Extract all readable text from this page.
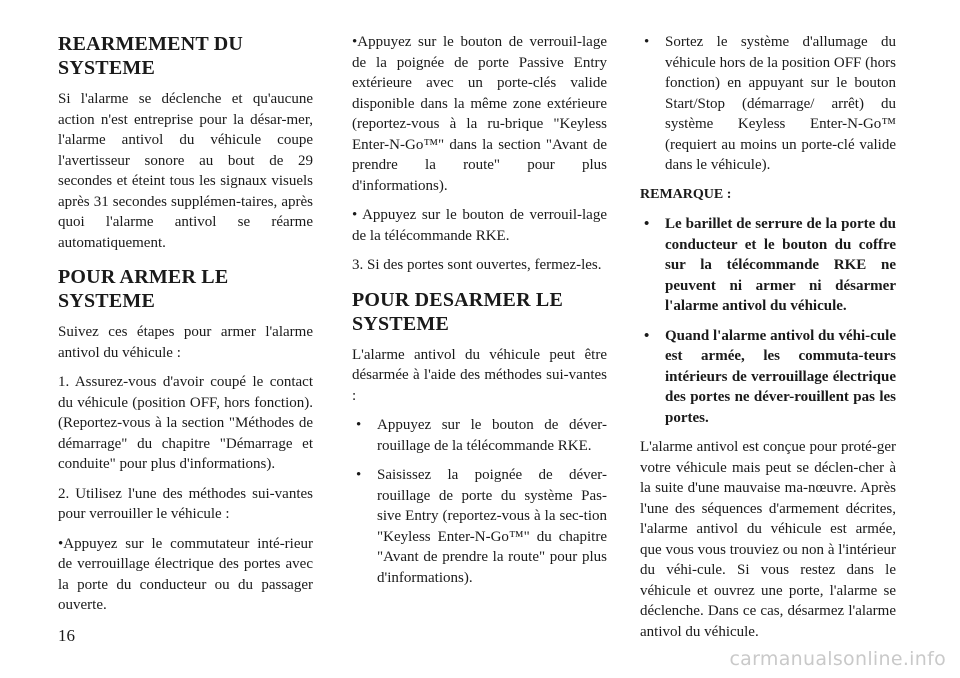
REARMEMENT DU SYSTEME

Si l'alarme se déclenche et qu'aucune action n'est entreprise pour la désar-mer, l'alarme antivol du véhicule coupe l'avertisseur sonore au bout de 29 secondes et éteint tous les signaux visuels après 31 secondes supplémen-taires, après quoi l'alarme antivol se réarme automatiquement.

POUR ARMER LE SYSTEME

Suivez ces étapes pour armer l'alarme antivol du véhicule :

1. Assurez-vous d'avoir coupé le contact du véhicule (position OFF, hors fonction). (Reportez-vous à la section "Méthodes de démarrage" du chapitre "Démarrage et conduite" pour plus d'informations).

2. Utilisez l'une des méthodes sui-vantes pour verrouiller le véhicule :

•Appuyez sur le commutateur inté-rieur de verrouillage électrique des portes avec la porte du conducteur ou du passager ouverte.

•Appuyez sur le bouton de verrouil-lage de la poignée de porte Passive Entry extérieure avec un porte-clés valide disponible dans la même zone extérieure (reportez-vous à la ru-brique "Keyless Enter-N-Go™" dans la section "Avant de prendre la route" pour plus d'informations).

• Appuyez sur le bouton de verrouil-lage de la télécommande RKE.

3. Si des portes sont ouvertes, fermez-les.

POUR DESARMER LE SYSTEME

L'alarme antivol du véhicule peut être désarmée à l'aide des méthodes sui-vantes :

• Appuyez sur le bouton de déver-rouillage de la télécommande RKE.
• Saisissez la poignée de déver-rouillage de porte du système Pas-sive Entry (reportez-vous à la sec-tion "Keyless Enter-N-Go™" du chapitre "Avant de prendre la route" pour plus d'informations).
• Sortez le système d'allumage du véhicule hors de la position OFF (hors fonction) en appuyant sur le bouton Start/Stop (démarrage/ arrêt) du système Keyless Enter-N-Go™ (requiert au moins un porte-clé valide dans le véhicule).
REMARQUE :
• Le barillet de serrure de la porte du conducteur et le bouton du coffre sur la télécommande RKE ne peuvent ni armer ni désarmer l'alarme antivol du véhicule.
• Quand l'alarme antivol du véhi-cule est armée, les commuta-teurs intérieurs de verrouillage électrique des portes ne déver-rouillent pas les portes.

L'alarme antivol est conçue pour proté-ger votre véhicule mais peut se déclen-cher à la suite d'une mauvaise ma-nœuvre. Après l'une des séquences d'armement décrites, l'alarme antivol du véhicule est armée, que vous vous trouviez ou non à l'intérieur du véhi-cule. Si vous restez dans le véhicule et ouvrez une porte, l'alarme se déclenche. Dans ce cas, désarmez l'alarme antivol du véhicule.

16
carmanualsonline.info
